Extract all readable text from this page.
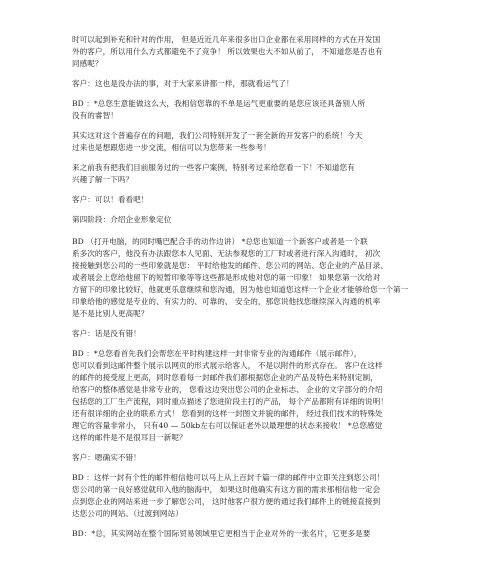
时可以起到补充和针对的作用， 但是近近几年来很多出口企业都在采用同样的方式在开发国
外的客户，所以用什么方式都避免不了竞争！ 所以效果也大不如从前了， 不知道您是否也有
同感呢？
客户：这也是没办法的事，对于大家来讲都一样，那就看运气了！
BD ：*总您生意能做这么大，我相信您靠的不单是运气更重要的是您应该还具备别人所
没有的睿智！
其实这对这个普遍存在的问题，我们公司特别开发了一套全新的开发客户的系统！今天
过来也是想跟您进一步交流，相信可以为您带来一些参考！
来之前我有把我们目前服务过的一些客户案例，特别考过来给您看一下！不知道您有
兴趣了解一下吗？
客户：可以！看看吧！
第四阶段：介绍企业形象定位
BD （打开电脑，的同时嘴巴配合手的动作边讲） *总您也知道一个新客户或者是一个联
系多次的客户，他没有办法跟您本人见面、无法参观您的工厂时或者进行深入沟通时， 初次
接接触到您公司的一些印象就是您： 平时给他发的邮件、您公司的网站、您企业的产品目录、
或者展会上您给他留下的短暂印象等等这些都是形成他对您的第一印象！ 如果您第一次给对
方留下的印象比较好，他就更乐意继续和您沟通，因为他也知道您这样一个企业才能够给您一个第一
印象给他的感觉是专业的、有实力的、可靠的、 安全的，那您说他找您继续深入沟通的机率
是不是比别人更高呢？
客户：话是没有错！
BD ：*总您看首先我们会帮您在平时构建这样一封非常专业的沟通邮件（展示邮件），
您可以看到这邮件整个展示以网页的形式展示给客人， 不是以附件的形式存在。 客户在这样
的邮件的接受度上更高，同时您看每一封邮件我们都根据您企业的产品及特色来特别定制，
给客户的整体感觉是非常专业的， 您看这边突出您公司的企业标志、 企业的文字部分的介绍
包括您的工厂生产流程，同时重点描述了您进阶段主打的产品， 每个产品都附有详细的说明！
还有很详细的企业的联系方式！ 您看到的这样一封图文并貌的邮件， 经过我们技术的特殊处
理它的容量非常小， 只有40 — 50kb左右可以保证老外以最理想的状态来接收！ *总您感觉
这样的邮件是不是很耳目一新呢？
客户：嗯确实不错！
BD ：这样一封有个性的邮件相信他可以马上从上百封千篇一律的邮件中立即关注到您公司！
您公司的第一良好感觉就印入他的脑海中， 如果这时他确实有这方面的需求那相信他一定会
点到您企业的网站来进一步了解您公司， 这时他客户很方便的通过我们邮件上的链接直接到
达您公司的网站。（过渡到网站）
BD：*总，其实网站在整个国际贸易领域里它更相当于企业对外的一张名片，它更多是要
